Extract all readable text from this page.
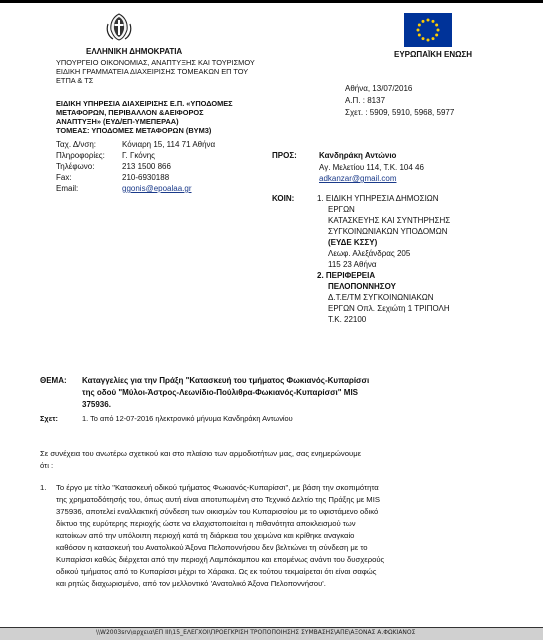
ΕΛΛΗΝΙΚΗ ΔΗΜΟΚΡΑΤΙΑ
ΥΠΟΥΡΓΕΙΟ ΟΙΚΟΝΟΜΙΑΣ, ΑΝΑΠΤΥΞΗΣ ΚΑΙ ΤΟΥΡΙΣΜΟΥ
ΕΙΔΙΚΗ ΓΡΑΜΜΑΤΕΙΑ ΔΙΑΧΕΙΡΙΣΗΣ ΤΟΜΕΑΚΩΝ ΕΠ ΤΟΥ
ΕΤΠΑ & ΤΣ
ΕΙΔΙΚΗ ΥΠΗΡΕΣΙΑ ΔΙΑΧΕΙΡΙΣΗΣ Ε.Π. «ΥΠΟΔΟΜΕΣ
ΜΕΤΑΦΟΡΩΝ, ΠΕΡΙΒΑΛΛΟΝ &ΑΕΙΦΟΡΟΣ
ΑΝΑΠΤΥΞΗ» (ΕΥΔ/ΕΠ-ΥΜΕΠΕΡΑΑ)
ΤΟΜΕΑΣ: ΥΠΟΔΟΜΕΣ ΜΕΤΑΦΟΡΩΝ (ΒΥΜ3)
Ταχ. Δ/νση:	Κόνιαρη 15, 114 71 Αθήνα
Πληροφορίες: Γ. Γκόνης
Τηλέφωνο:	213 1500 866
Fax:	210-6930188
Email:	ggonis@epoalaa.gr
ΕΥΡΩΠΑΪΚΗ ΕΝΩΣΗ
Αθήνα, 13/07/2016
Α.Π. : 8137
Σχετ. : 5909, 5910, 5968, 5977
ΠΡΟΣ:	Κανδηράκη Αντώνιο
Αγ. Μελετίου 114, Τ.Κ. 104 46
adkanzar@gmail.com
ΚΟΙΝ:	1. ΕΙΔΙΚΗ ΥΠΗΡΕΣΙΑ ΔΗΜΟΣΙΩΝ
ΕΡΓΩΝ
ΚΑΤΑΣΚΕΥΗΣ ΚΑΙ ΣΥΝΤΗΡΗΣΗΣ
ΣΥΓΚΟΙΝΩΝΙΑΚΩΝ ΥΠΟΔΟΜΩΝ
(ΕΥΔΕ ΚΣΣΥ)
Λεωφ. Αλεξάνδρας 205
115 23 Αθήνα
2. ΠΕΡΙΦΕΡΕΙΑ
ΠΕΛΟΠΟΝΝΗΣΟΥ
Δ.Τ.Ε/ΤΜ ΣΥΓΚΟΙΝΩΝΙΑΚΩΝ
ΕΡΓΩΝ Οπλ. Σεχιώτη 1 ΤΡΙΠΟΛΗ
Τ.Κ. 22100
ΘΕΜΑ: Καταγγελίες για την Πράξη "Κατασκευή του τμήματος Φωκιανός-Κυπαρίσσι
της οδού "Μύλοι-Άστρος-Λεωνίδιο-Πούλιθρα-Φωκιανός-Κυπαρίσσι" MIS
375936.
Σχετ:	1. Το από 12-07-2016 ηλεκτρονικό μήνυμα Κανδηράκη Αντωνίου
Σε συνέχεια του ανωτέρω σχετικού και στο πλαίσιο των αρμοδιοτήτων μας, σας ενημερώνουμε
ότι :
1. Το έργο με τίτλο "Κατασκευή οδικού τμήματος Φωκιανός-Κυπαρίσσι", με βάση την σκοπιμότητα
της χρηματοδότησής του, όπως αυτή είναι αποτυπωμένη στο Τεχνικό Δελτίο της Πράξης με MIS
375936, αποτελεί εναλλακτική σύνδεση των οικισμών του Κυπαρισσίου με το υφιστάμενο οδικό
δίκτυο της ευρύτερης περιοχής ώστε να ελαχιστοποιείται η πιθανότητα αποκλεισμού των
κατοίκων από την υπόλοιπη περιοχή κατά τη διάρκεια του χειμώνα και κρίθηκε αναγκαίο
καθόσον η κατασκευή του Ανατολικού Άξονα Πελοποννήσου δεν βελτιώνει τη σύνδεση με το
Κυπαρίσσι καθώς διέρχεται από την περιοχή Λαμπόκαμπου και επομένως ανάντι του δυσχερούς
οδικού τμήματος από το Κυπαρίσσι μέχρι το Χάρακα. Ως εκ τούτου τεκμαίρεται ότι είναι σαφώς
και ρητώς διαχωρισμένο, από τον μελλοντικό 'Ανατολικό Άξονα Πελοποννήσου'.
\\W2003srv\αρχεια\ΕΠ III\15_ΕΛΕΓΧΟΙ\ΠΡΟΕΓΚΡΙΣΗ ΤΡΟΠΟΠΟΙΗΣΗΣ ΣΥΜΒΑΣΗΣ\ΑΠΕ\ΑΞΟΝΑΣ Α.ΦΩΚΙΑΝΟΣ
